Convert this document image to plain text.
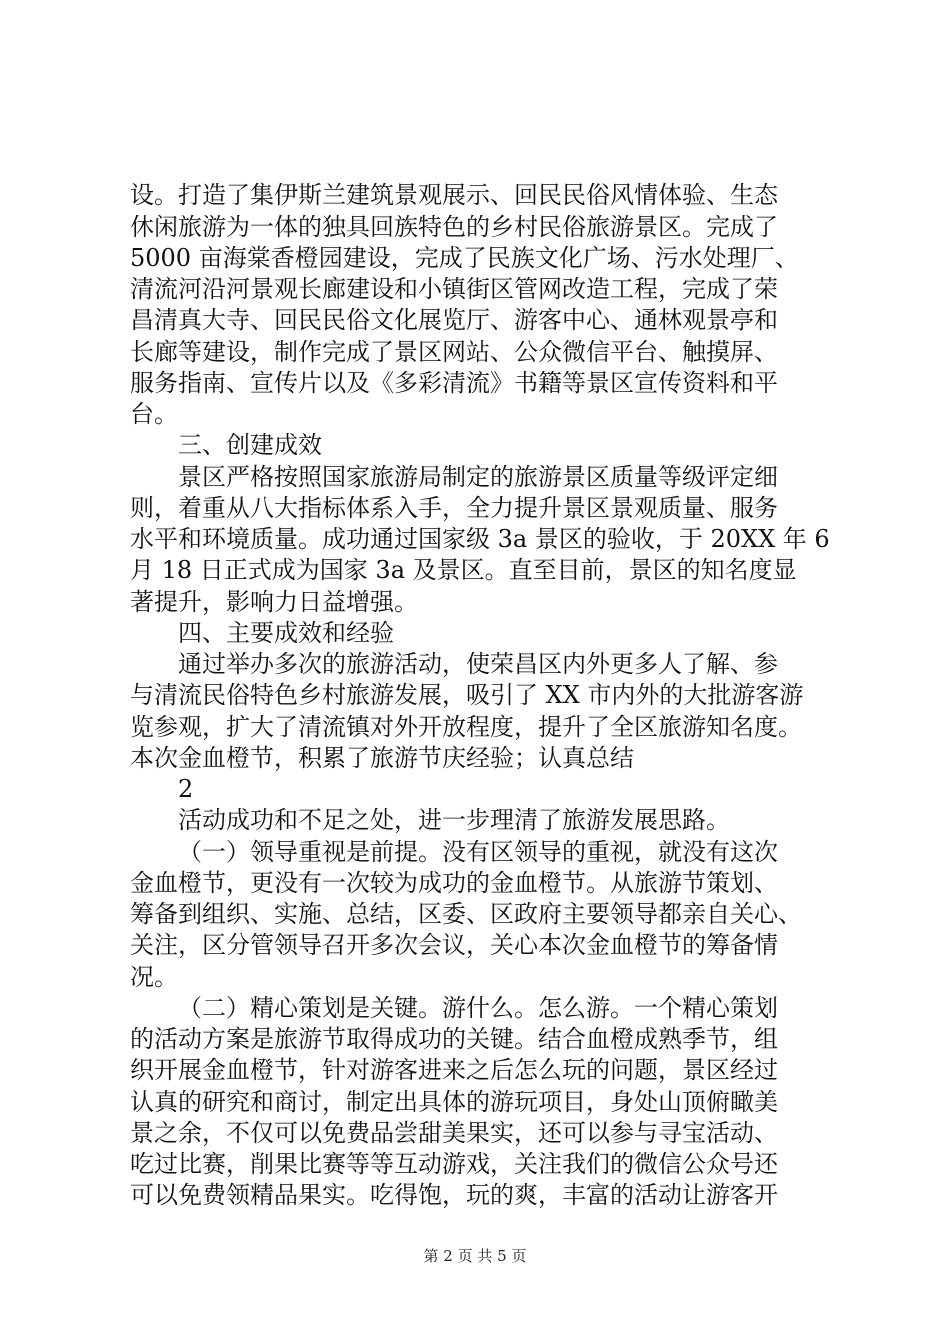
设。打造了集伊斯兰建筑景观展示、回民民俗风情体验、生态
休闲旅游为一体的独具回族特色的乡村民俗旅游景区。完成了
5000 亩海棠香橙园建设，完成了民族文化广场、污水处理厂、
清流河沿河景观长廊建设和小镇街区管网改造工程，完成了荣
昌清真大寺、回民民俗文化展览厅、游客中心、通林观景亭和
长廊等建设，制作完成了景区网站、公众微信平台、触摸屏、
服务指南、宣传片以及《多彩清流》书籍等景区宣传资料和平
台。
三、创建成效
景区严格按照国家旅游局制定的旅游景区质量等级评定细
则，着重从八大指标体系入手，全力提升景区景观质量、服务
水平和环境质量。成功通过国家级 3a 景区的验收，于 20XX 年 6
月 18 日正式成为国家 3a 及景区。直至目前，景区的知名度显
著提升，影响力日益增强。
四、主要成效和经验
通过举办多次的旅游活动，使荣昌区内外更多人了解、参
与清流民俗特色乡村旅游发展，吸引了 XX 市内外的大批游客游
览参观，扩大了清流镇对外开放程度，提升了全区旅游知名度。
本次金血橙节，积累了旅游节庆经验；认真总结
2
活动成功和不足之处，进一步理清了旅游发展思路。
（一）领导重视是前提。没有区领导的重视，就没有这次
金血橙节，更没有一次较为成功的金血橙节。从旅游节策划、
筹备到组织、实施、总结，区委、区政府主要领导都亲自关心、
关注，区分管领导召开多次会议，关心本次金血橙节的筹备情
况。
（二）精心策划是关键。游什么。怎么游。一个精心策划
的活动方案是旅游节取得成功的关键。结合血橙成熟季节，组
织开展金血橙节，针对游客进来之后怎么玩的问题，景区经过
认真的研究和商讨，制定出具体的游玩项目，身处山顶俯瞰美
景之余，不仅可以免费品尝甜美果实，还可以参与寻宝活动、
吃过比赛，削果比赛等等互动游戏，关注我们的微信公众号还
可以免费领精品果实。吃得饱，玩的爽，丰富的活动让游客开
第 2 页 共 5 页
